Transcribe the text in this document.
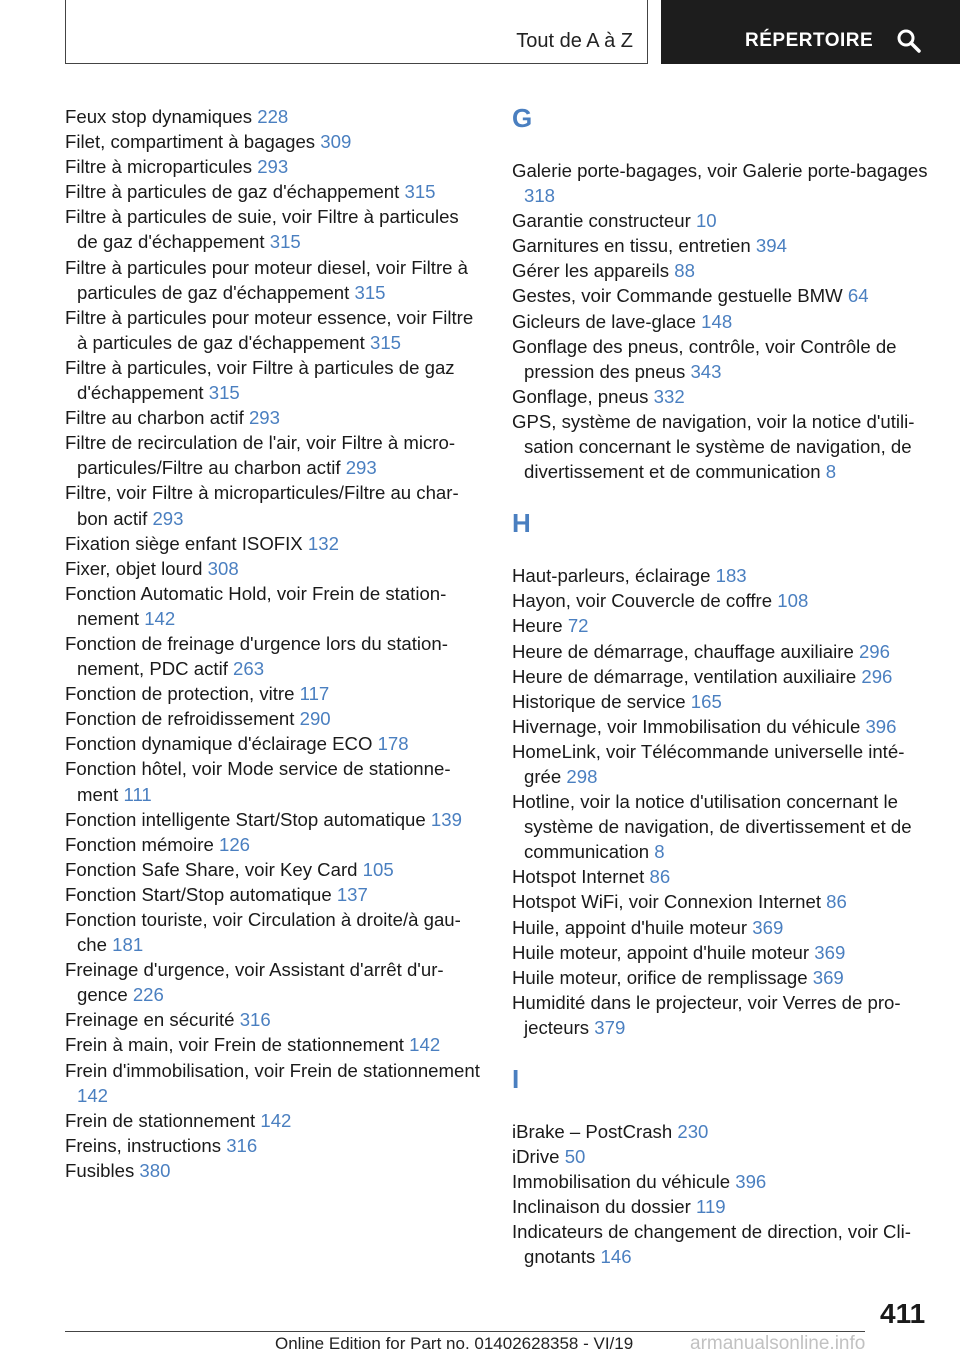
Tout de A à Z	RÉPERTOIRE
Feux stop dynamiques 228
Filet, compartiment à bagages 309
Filtre à microparticules 293
Filtre à particules de gaz d'échappement 315
Filtre à particules de suie, voir Filtre à particules de gaz d'échappement 315
Filtre à particules pour moteur diesel, voir Filtre à particules de gaz d'échappement 315
Filtre à particules pour moteur essence, voir Filtre à particules de gaz d'échappement 315
Filtre à particules, voir Filtre à particules de gaz d'échappement 315
Filtre au charbon actif 293
Filtre de recirculation de l'air, voir Filtre à microparticules/Filtre au charbon actif 293
Filtre, voir Filtre à microparticules/Filtre au charbon actif 293
Fixation siège enfant ISOFIX 132
Fixer, objet lourd 308
Fonction Automatic Hold, voir Frein de stationnement 142
Fonction de freinage d'urgence lors du stationnement, PDC actif 263
Fonction de protection, vitre 117
Fonction de refroidissement 290
Fonction dynamique d'éclairage ECO 178
Fonction hôtel, voir Mode service de stationnement 111
Fonction intelligente Start/Stop automatique 139
Fonction mémoire 126
Fonction Safe Share, voir Key Card 105
Fonction Start/Stop automatique 137
Fonction touriste, voir Circulation à droite/à gauche 181
Freinage d'urgence, voir Assistant d'arrêt d'urgence 226
Freinage en sécurité 316
Frein à main, voir Frein de stationnement 142
Frein d'immobilisation, voir Frein de stationnement 142
Frein de stationnement 142
Freins, instructions 316
Fusibles 380
G
Galerie porte-bagages, voir Galerie porte-bagages 318
Garantie constructeur 10
Garnitures en tissu, entretien 394
Gérer les appareils 88
Gestes, voir Commande gestuelle BMW 64
Gicleurs de lave-glace 148
Gonflage des pneus, contrôle, voir Contrôle de pression des pneus 343
Gonflage, pneus 332
GPS, système de navigation, voir la notice d'utilisation concernant le système de navigation, de divertissement et de communication 8
H
Haut-parleurs, éclairage 183
Hayon, voir Couvercle de coffre 108
Heure 72
Heure de démarrage, chauffage auxiliaire 296
Heure de démarrage, ventilation auxiliaire 296
Historique de service 165
Hivernage, voir Immobilisation du véhicule 396
HomeLink, voir Télécommande universelle intégrée 298
Hotline, voir la notice d'utilisation concernant le système de navigation, de divertissement et de communication 8
Hotspot Internet 86
Hotspot WiFi, voir Connexion Internet 86
Huile, appoint d'huile moteur 369
Huile moteur, appoint d'huile moteur 369
Huile moteur, orifice de remplissage 369
Humidité dans le projecteur, voir Verres de projecteurs 379
I
iBrake – PostCrash 230
iDrive 50
Immobilisation du véhicule 396
Inclinaison du dossier 119
Indicateurs de changement de direction, voir Clignotants 146
411
Online Edition for Part no. 01402628358 - VI/19	armanualsonline.info
